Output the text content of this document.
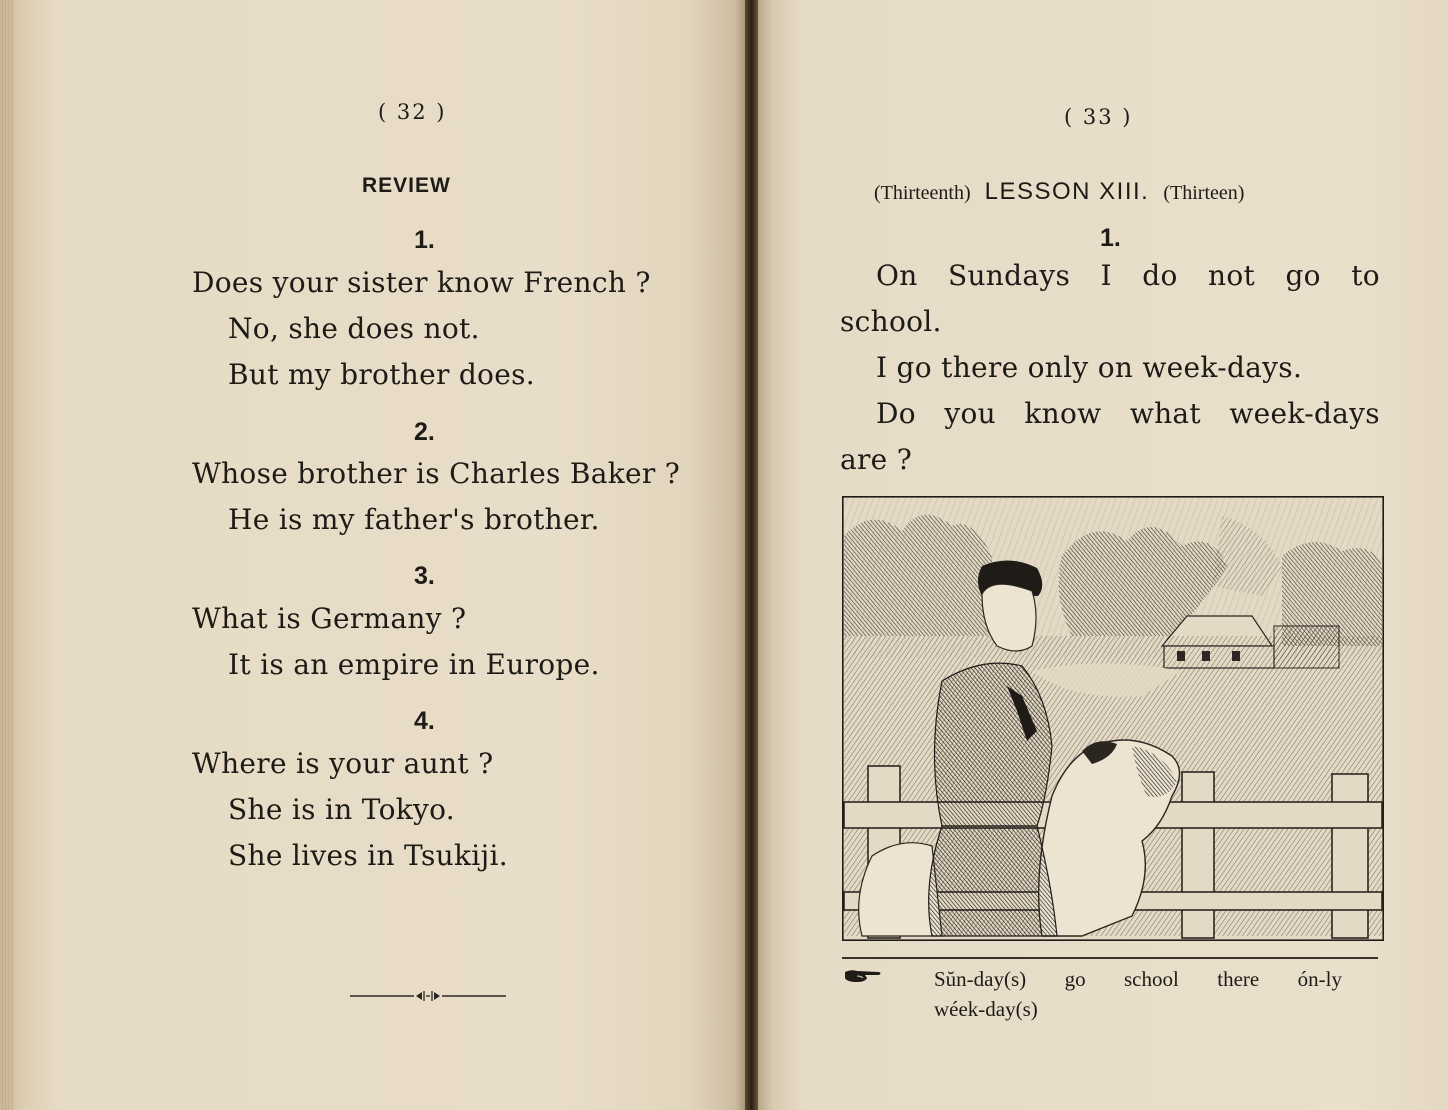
( 32 )
REVIEW
1.
Does your sister know French ?
No, she does not.
But my brother does.
2.
Whose brother is Charles Baker ?
He is my father's brother.
3.
What is Germany ?
It is an empire in Europe.
4.
Where is your aunt ?
She is in Tokyo.
She lives in Tsukiji.
( 33 )
(Thirteenth) LESSON XIII. (Thirteen)
1.
On Sundays I do not go to
school.
I go there only on week-days.
Do you know what week-days
are ?
Sŭn-day(s) go school there ón-ly
wéek-day(s)
